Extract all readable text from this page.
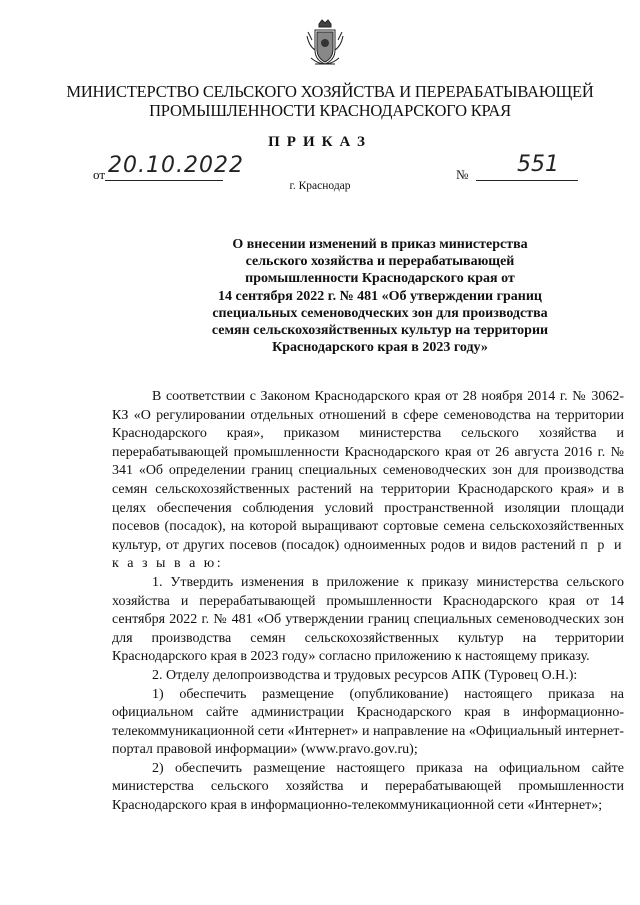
МИНИСТЕРСТВО СЕЛЬСКОГО ХОЗЯЙСТВА И ПЕРЕРАБАТЫВАЮЩЕЙ
ПРОМЫШЛЕННОСТИ КРАСНОДАРСКОГО КРАЯ
ПРИКАЗ
от 20.10.2022	№ 551
г. Краснодар
О внесении изменений в приказ министерства
сельского хозяйства и перерабатывающей
промышленности Краснодарского края от
14 сентября 2022 г. № 481 «Об утверждении границ
специальных семеноводческих зон для производства
семян сельскохозяйственных культур на территории
Краснодарского края в 2023 году»

В соответствии с Законом Краснодарского края от 28 ноября 2014 г. № 3062-КЗ «О регулировании отдельных отношений в сфере семеноводства на территории Краснодарского края», приказом министерства сельского хозяйства и перерабатывающей промышленности Краснодарского края от 26 августа 2016 г. № 341 «Об определении границ специальных семеноводческих зон для производства семян сельскохозяйственных растений на территории Краснодарского края» и в целях обеспечения соблюдения условий пространственной изоляции площади посевов (посадок), на которой выращивают сортовые семена сельскохозяйственных культур, от других посевов (посадок) одноименных родов и видов растений п р и к а з ы в а ю:

1. Утвердить изменения в приложение к приказу министерства сельского хозяйства и перерабатывающей промышленности Краснодарского края от 14 сентября 2022 г. № 481 «Об утверждении границ специальных семеноводческих зон для производства семян сельскохозяйственных культур на территории Краснодарского края в 2023 году» согласно приложению к настоящему приказу.

2. Отделу делопроизводства и трудовых ресурсов АПК (Туровец О.Н.):

1) обеспечить размещение (опубликование) настоящего приказа на официальном сайте администрации Краснодарского края в информационно-телекоммуникационной сети «Интернет» и направление на «Официальный интернет-портал правовой информации» (www.pravo.gov.ru);

2) обеспечить размещение настоящего приказа на официальном сайте министерства сельского хозяйства и перерабатывающей промышленности Краснодарского края в информационно-телекоммуникационной сети «Интернет»;
